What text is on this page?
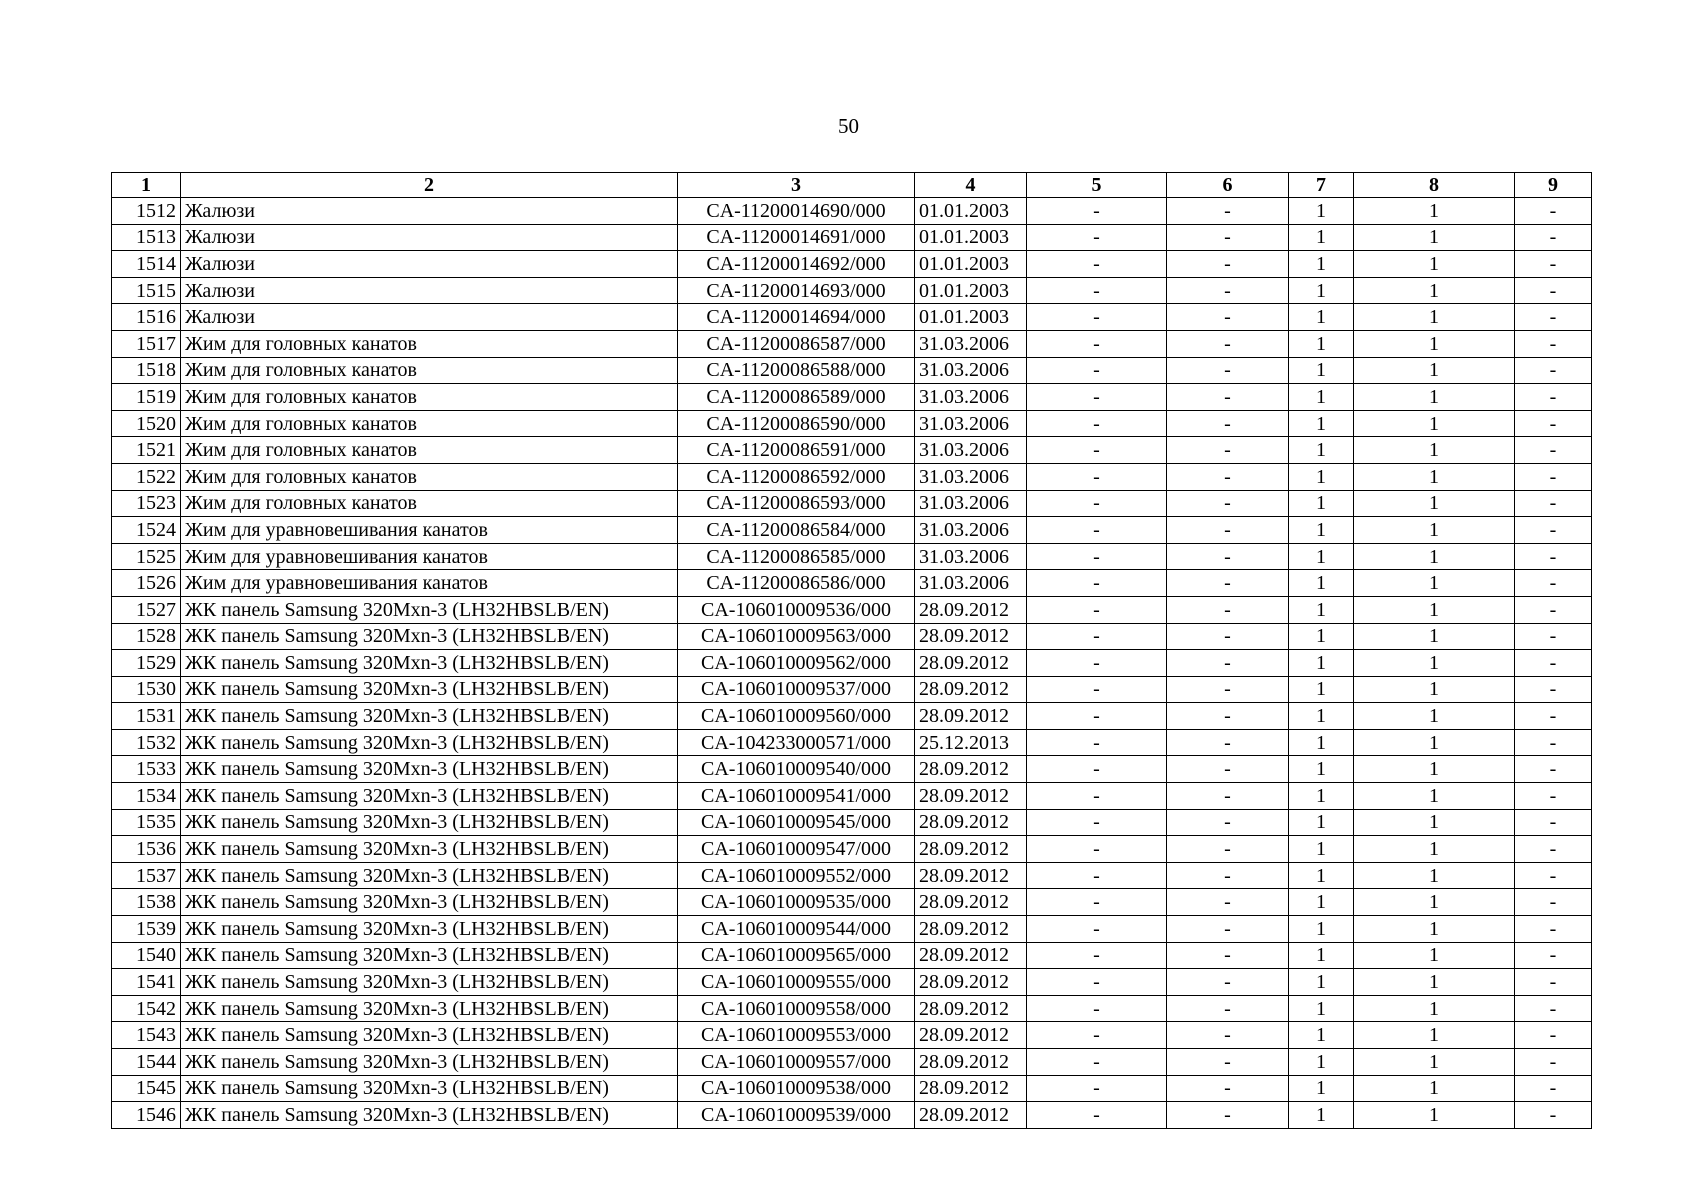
50
1	2	3	4	5	6	7	8	9
1512	Жалюзи	CA-11200014690/000	01.01.2003	-	-	1	1	-
1513	Жалюзи	CA-11200014691/000	01.01.2003	-	-	1	1	-
1514	Жалюзи	CA-11200014692/000	01.01.2003	-	-	1	1	-
1515	Жалюзи	CA-11200014693/000	01.01.2003	-	-	1	1	-
1516	Жалюзи	CA-11200014694/000	01.01.2003	-	-	1	1	-
1517	Жим для головных канатов	CA-11200086587/000	31.03.2006	-	-	1	1	-
1518	Жим для головных канатов	CA-11200086588/000	31.03.2006	-	-	1	1	-
1519	Жим для головных канатов	CA-11200086589/000	31.03.2006	-	-	1	1	-
1520	Жим для головных канатов	CA-11200086590/000	31.03.2006	-	-	1	1	-
1521	Жим для головных канатов	CA-11200086591/000	31.03.2006	-	-	1	1	-
1522	Жим для головных канатов	CA-11200086592/000	31.03.2006	-	-	1	1	-
1523	Жим для головных канатов	CA-11200086593/000	31.03.2006	-	-	1	1	-
1524	Жим для уравновешивания канатов	CA-11200086584/000	31.03.2006	-	-	1	1	-
1525	Жим для уравновешивания канатов	CA-11200086585/000	31.03.2006	-	-	1	1	-
1526	Жим для уравновешивания канатов	CA-11200086586/000	31.03.2006	-	-	1	1	-
1527	ЖК панель Samsung 320Mxn-3 (LH32HBSLB/EN)	CA-106010009536/000	28.09.2012	-	-	1	1	-
1528	ЖК панель Samsung 320Mxn-3 (LH32HBSLB/EN)	CA-106010009563/000	28.09.2012	-	-	1	1	-
1529	ЖК панель Samsung 320Mxn-3 (LH32HBSLB/EN)	CA-106010009562/000	28.09.2012	-	-	1	1	-
1530	ЖК панель Samsung 320Mxn-3 (LH32HBSLB/EN)	CA-106010009537/000	28.09.2012	-	-	1	1	-
1531	ЖК панель Samsung 320Mxn-3 (LH32HBSLB/EN)	CA-106010009560/000	28.09.2012	-	-	1	1	-
1532	ЖК панель Samsung 320Mxn-3 (LH32HBSLB/EN)	CA-104233000571/000	25.12.2013	-	-	1	1	-
1533	ЖК панель Samsung 320Mxn-3 (LH32HBSLB/EN)	CA-106010009540/000	28.09.2012	-	-	1	1	-
1534	ЖК панель Samsung 320Mxn-3 (LH32HBSLB/EN)	CA-106010009541/000	28.09.2012	-	-	1	1	-
1535	ЖК панель Samsung 320Mxn-3 (LH32HBSLB/EN)	CA-106010009545/000	28.09.2012	-	-	1	1	-
1536	ЖК панель Samsung 320Mxn-3 (LH32HBSLB/EN)	CA-106010009547/000	28.09.2012	-	-	1	1	-
1537	ЖК панель Samsung 320Mxn-3 (LH32HBSLB/EN)	CA-106010009552/000	28.09.2012	-	-	1	1	-
1538	ЖК панель Samsung 320Mxn-3 (LH32HBSLB/EN)	CA-106010009535/000	28.09.2012	-	-	1	1	-
1539	ЖК панель Samsung 320Mxn-3 (LH32HBSLB/EN)	CA-106010009544/000	28.09.2012	-	-	1	1	-
1540	ЖК панель Samsung 320Mxn-3 (LH32HBSLB/EN)	CA-106010009565/000	28.09.2012	-	-	1	1	-
1541	ЖК панель Samsung 320Mxn-3 (LH32HBSLB/EN)	CA-106010009555/000	28.09.2012	-	-	1	1	-
1542	ЖК панель Samsung 320Mxn-3 (LH32HBSLB/EN)	CA-106010009558/000	28.09.2012	-	-	1	1	-
1543	ЖК панель Samsung 320Mxn-3 (LH32HBSLB/EN)	CA-106010009553/000	28.09.2012	-	-	1	1	-
1544	ЖК панель Samsung 320Mxn-3 (LH32HBSLB/EN)	CA-106010009557/000	28.09.2012	-	-	1	1	-
1545	ЖК панель Samsung 320Mxn-3 (LH32HBSLB/EN)	CA-106010009538/000	28.09.2012	-	-	1	1	-
1546	ЖК панель Samsung 320Mxn-3 (LH32HBSLB/EN)	CA-106010009539/000	28.09.2012	-	-	1	1	-
